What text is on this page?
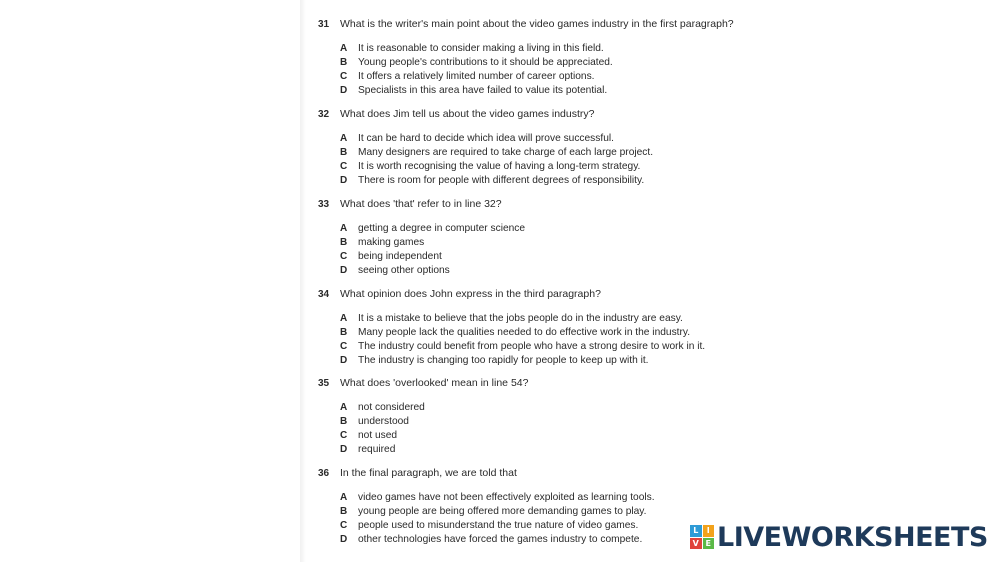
31	What is the writer's main point about the video games industry in the first paragraph?
A	It is reasonable to consider making a living in this field.
B	Young people's contributions to it should be appreciated.
C	It offers a relatively limited number of career options.
D	Specialists in this area have failed to value its potential.
32	What does Jim tell us about the video games industry?
A	It can be hard to decide which idea will prove successful.
B	Many designers are required to take charge of each large project.
C	It is worth recognising the value of having a long-term strategy.
D	There is room for people with different degrees of responsibility.
33	What does 'that' refer to in line 32?
A	getting a degree in computer science
B	making games
C	being independent
D	seeing other options
34	What opinion does John express in the third paragraph?
A	It is a mistake to believe that the jobs people do in the industry are easy.
B	Many people lack the qualities needed to do effective work in the industry.
C	The industry could benefit from people who have a strong desire to work in it.
D	The industry is changing too rapidly for people to keep up with it.
35	What does 'overlooked' mean in line 54?
A	not considered
B	understood
C	not used
D	required
36	In the final paragraph, we are told that
A	video games have not been effectively exploited as learning tools.
B	young people are being offered more demanding games to play.
C	people used to misunderstand the true nature of video games.
D	other technologies have forced the games industry to compete.
L	I
V E LIVEWORKSHEETS
